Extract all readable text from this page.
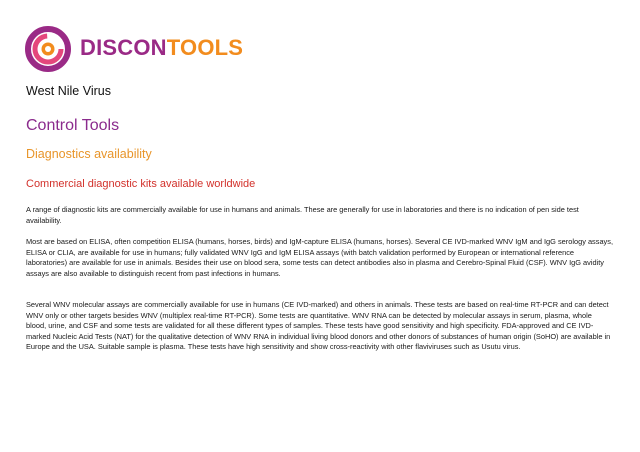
DISCONTOOLS
West Nile Virus
Control Tools
Diagnostics availability
Commercial diagnostic kits available worldwide

A range of diagnostic kits are commercially available for use in humans and animals. These are generally for use in laboratories and there is no indication of pen side test availability.

Most are based on ELISA, often competition ELISA (humans, horses, birds) and IgM-capture ELISA (humans, horses). Several CE IVD-marked WNV IgM and IgG serology assays, ELISA or CLIA, are available for use in humans; fully validated WNV IgG and IgM ELISA assays (with batch validation performed by European or international reference laboratories) are available for use in animals. Besides their use on blood sera, some tests can detect antibodies also in plasma and Cerebro-Spinal Fluid (CSF). WNV IgG avidity assays are also available to distinguish recent from past infections in humans.

Several WNV molecular assays are commercially available for use in humans (CE IVD-marked) and others in animals. These tests are based on real-time RT-PCR and can detect WNV only or other targets besides WNV (multiplex real-time RT-PCR). Some tests are quantitative. WNV RNA can be detected by molecular assays in serum, plasma, whole blood, urine, and CSF and some tests are validated for all these different types of samples. These tests have good sensitivity and high specificity. FDA-approved and CE IVD-marked Nucleic Acid Tests (NAT) for the qualitative detection of WNV RNA in individual living blood donors and other donors of substances of human origin (SoHO) are available in Europe and the USA. Suitable sample is plasma. These tests have high sensitivity and show cross-reactivity with other flaviviruses such as Usutu virus.
